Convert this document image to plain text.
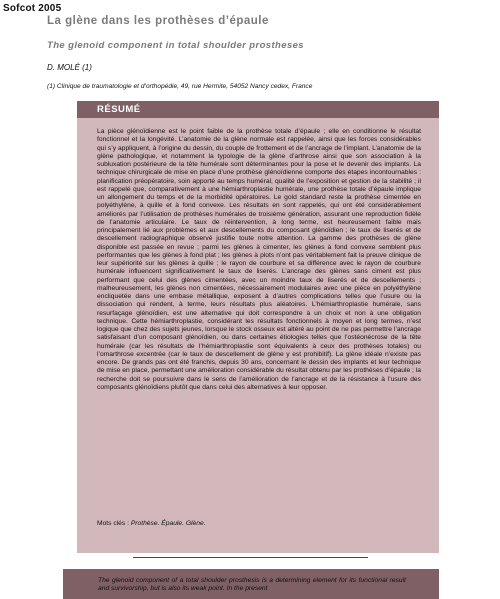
Sofcot 2005
La glène dans les prothèses d’épaule
The glenoid component in total shoulder prostheses
D. MOLÉ (1)
(1) Clinique de traumatologie et d’orthopédie, 49, rue Hermite, 54052 Nancy cedex, France
RÉSUMÉ

La pièce glénoïdienne est le point faible de la prothèse totale d’épaule ; elle en conditionne le résultat fonctionnel et la longévité. L’anatomie de la glène normale est rappelée, ainsi que les forces considérables qui s’y appliquent, à l’origine du dessin, du couple de frottement et de l’ancrage de l’implant. L’anatomie de la glène pathologique, et notamment la typologie de la glène d’arthrose ainsi que son association à la subluxation postérieure de la tête humérale sont déterminantes pour la pose et le devenir des implants. La technique chirurgicale de mise en place d’une prothèse glénoïdienne comporte des étapes incontournables : planification préopératoire, soin apporté au temps huméral, qualité de l’exposition et gestion de la stabilité ; il est rappelé que, comparativement à une hémiarthroplastie humérale, une prothèse totale d’épaule implique un allongement du temps et de la morbidité opératoires. Le gold standard reste la prothèse cimentée en polyéthylène, à quille et à fond convexe. Les résultats en sont rappelés, qui ont été considérablement améliorés par l’utilisation de prothèses humérales de troisième génération, assurant une reproduction fidèle de l’anatomie articulaire. Le taux de réintervention, à long terme, est heureusement faible mais principalement lié aux problèmes et aux descellements du composant glénoïdien ; le taux de liserés et de descellement radiographique observé justifie toute notre attention. La gamme des prothèses de glène disponible est passée en revue ; parmi les glènes à cimenter, les glènes à fond convexe semblent plus performantes que les glènes à fond plat ; les glènes à plots n’ont pas véritablement fait la preuve clinique de leur supériorité sur les glènes à quille ; le rayon de courbure et sa différence avec le rayon de courbure humérale influencent significativement le taux de liserés. L’ancrage des glènes sans ciment est plus performant que celui des glènes cimentées, avec un moindre taux de liserés et de descellements ; malheureusement, les glènes non cimentées, nécessairement modulaires avec une pièce en polyéthylène encliquetée dans une embase métallique, exposent à d’autres complications telles que l’usure ou la dissociation qui rendent, à terme, leurs résultats plus aléatoires. L’hémiarthroplastie humérale, sans resurfaçage glénoïdien, est une alternative qui doit correspondre à un choix et non à une obligation technique. Cette hémiarthroplastie, considérant les résultats fonctionnels à moyen et long termes, n’est logique que chez des sujets jeunes, lorsque le stock osseux est altéré au point de ne pas permettre l’ancrage satisfaisant d’un composant glénoïdien, ou dans certaines étiologies telles que l’ostéonécrose de la tête humérale (car les résultats de l’hémiarthroplastie sont équivalents à ceux des prothèses totales) ou l’omarthrose excentrée (car le taux de descellement de glène y est prohibitif). La glène idéale n’existe pas encore. De grands pas ont été franchis, depuis 30 ans, concernant le dessin des implants et leur technique de mise en place, permettant une amélioration considérable du résultat obtenu par les prothèses d’épaule ; la recherche doit se poursuivre dans le sens de l’amélioration de l’ancrage et de la résistance à l’usure des composants glénoïdiens plutôt que dans celui des alternatives à leur opposer.

Mots clés : Prothèse. Épaule. Glène.
The glenoid component of a total shoulder prosthesis is a determining element for its functional result and survivorship, but is also its weak point. In the present
